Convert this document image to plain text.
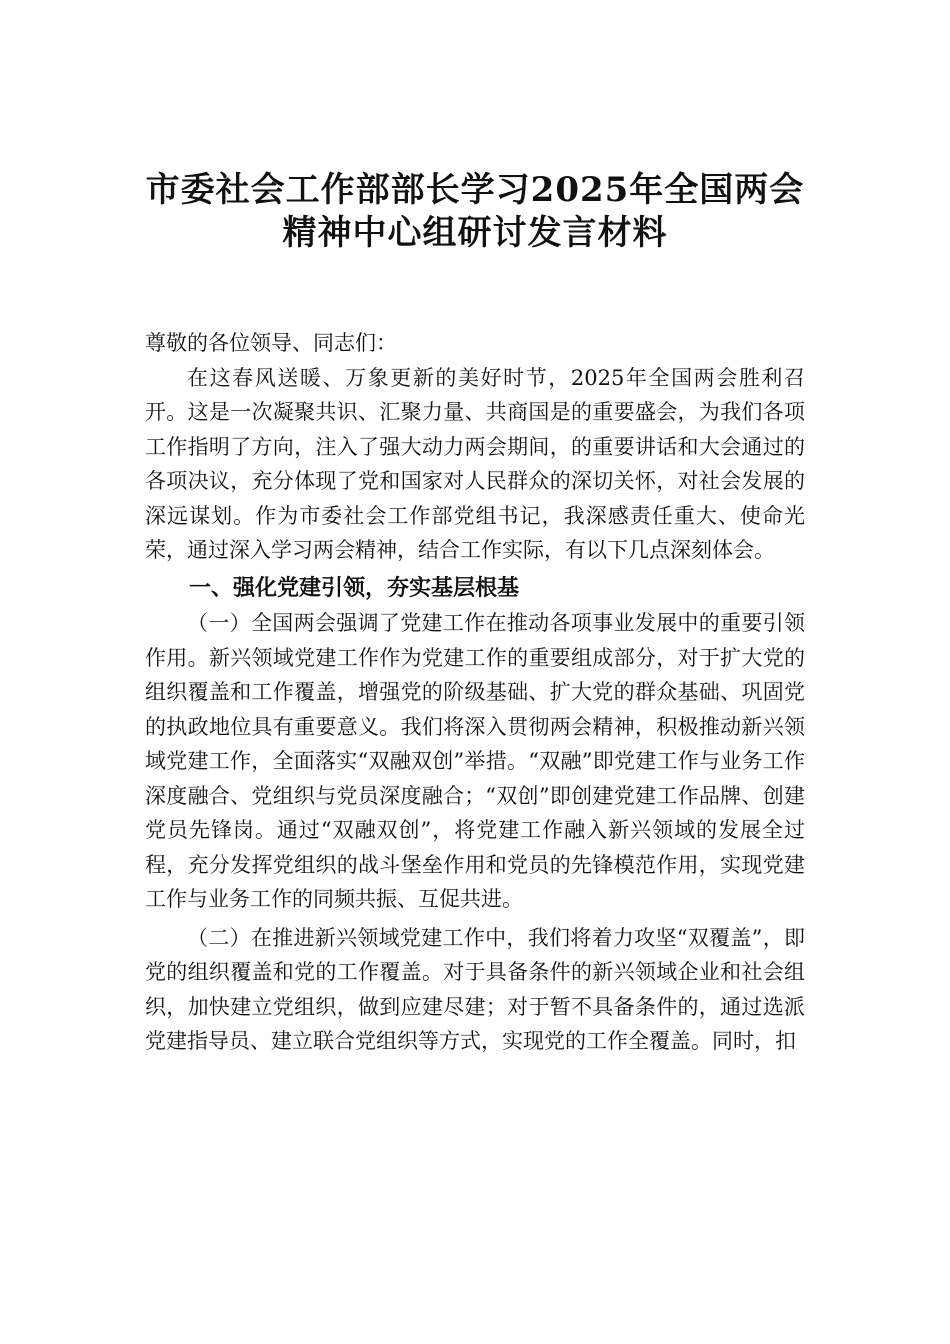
市委社会工作部部长学习2025年全国两会
精神中心组研讨发言材料

尊敬的各位领导、同志们：

在这春风送暖、万象更新的美好时节，2025年全国两会胜利召开。这是一次凝聚共识、汇聚力量、共商国是的重要盛会，为我们各项工作指明了方向，注入了强大动力两会期间，的重要讲话和大会通过的各项决议，充分体现了党和国家对人民群众的深切关怀，对社会发展的深远谋划。作为市委社会工作部党组书记，我深感责任重大、使命光荣，通过深入学习两会精神，结合工作实际，有以下几点深刻体会。

一、强化党建引领，夯实基层根基

（一）全国两会强调了党建工作在推动各项事业发展中的重要引领作用。新兴领域党建工作作为党建工作的重要组成部分，对于扩大党的组织覆盖和工作覆盖，增强党的阶级基础、扩大党的群众基础、巩固党的执政地位具有重要意义。我们将深入贯彻两会精神，积极推动新兴领域党建工作，全面落实“双融双创”举措。“双融”即党建工作与业务工作深度融合、党组织与党员深度融合；“双创”即创建党建工作品牌、创建党员先锋岗。通过“双融双创”，将党建工作融入新兴领域的发展全过程，充分发挥党组织的战斗堡垒作用和党员的先锋模范作用，实现党建工作与业务工作的同频共振、互促共进。

（二）在推进新兴领域党建工作中，我们将着力攻坚“双覆盖”，即党的组织覆盖和党的工作覆盖。对于具备条件的新兴领域企业和社会组织，加快建立党组织，做到应建尽建；对于暂不具备条件的，通过选派党建指导员、建立联合党组织等方式，实现党的工作全覆盖。同时，扣
